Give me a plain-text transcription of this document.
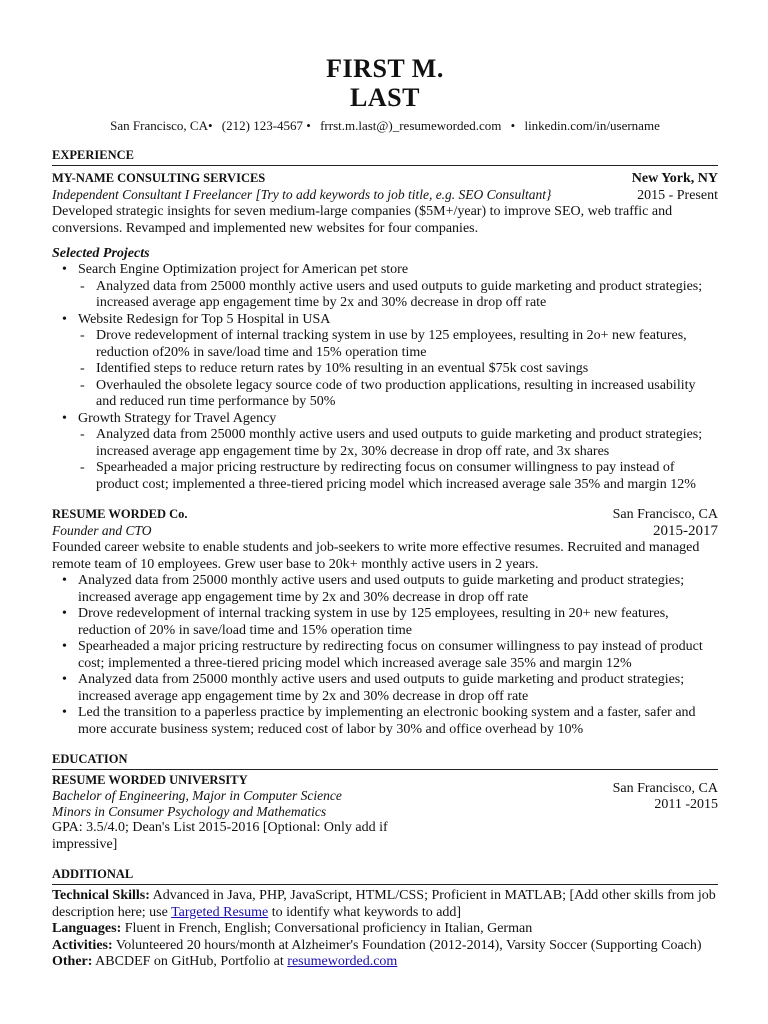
FIRST M.
LAST
San Francisco, CA• (212) 123-4567 • frrst.m.last@)_resumeworded.com • linkedin.com/in/username
EXPERIENCE
MY-NAME CONSULTING SERVICES	New York, NY
Independent Consultant I Freelancer [Try to add keywords to job title, e.g. SEO Consultant}	2015 - Present
Developed strategic insights for seven medium-large companies ($5M+/year) to improve SEO, web traffic and conversions. Revamped and implemented new websites for four companies.
Selected Projects
• Search Engine Optimization project for American pet store
- Analyzed data from 25000 monthly active users and used outputs to guide marketing and product strategies; increased average app engagement time by 2x and 30% decrease in drop off rate
• Website Redesign for Top 5 Hospital in USA
- Drove redevelopment of internal tracking system in use by 125 employees, resulting in 2o+ new features, reduction of20% in save/load time and 15% operation time
- Identified steps to reduce return rates by 10% resulting in an eventual $75k cost savings
- Overhauled the obsolete legacy source code of two production applications, resulting in increased usability and reduced run time performance by 50%
• Growth Strategy for Travel Agency
- Analyzed data from 25000 monthly active users and used outputs to guide marketing and product strategies; increased average app engagement time by 2x, 30% decrease in drop off rate, and 3x shares
- Spearheaded a major pricing restructure by redirecting focus on consumer willingness to pay instead of product cost; implemented a three-tiered pricing model which increased average sale 35% and margin 12%
RESUME WORDED Co.	San Francisco, CA
Founder and CTO	2015-2017
Founded career website to enable students and job-seekers to write more effective resumes. Recruited and managed remote team of 10 employees. Grew user base to 20k+ monthly active users in 2 years.
• Analyzed data from 25000 monthly active users and used outputs to guide marketing and product strategies; increased average app engagement time by 2x and 30% decrease in drop off rate
• Drove redevelopment of internal tracking system in use by 125 employees, resulting in 20+ new features, reduction of 20% in save/load time and 15% operation time
• Spearheaded a major pricing restructure by redirecting focus on consumer willingness to pay instead of product cost; implemented a three-tiered pricing model which increased average sale 35% and margin 12%
• Analyzed data from 25000 monthly active users and used outputs to guide marketing and product strategies; increased average app engagement time by 2x and 30% decrease in drop off rate
• Led the transition to a paperless practice by implementing an electronic booking system and a faster, safer and more accurate business system; reduced cost of labor by 30% and office overhead by 10%
EDUCATION
RESUME WORDED UNIVERSITY
Bachelor of Engineering, Major in Computer Science
Minors in Consumer Psychology and Mathematics
GPA: 3.5/4.0; Dean's List 2015-2016 [Optional: Only add if impressive]
San Francisco, CA
2011 -2015
ADDITIONAL
Technical Skills: Advanced in Java, PHP, JavaScript, HTML/CSS; Proficient in MATLAB; [Add other skills from job description here; use Targeted Resume to identify what keywords to add]
Languages: Fluent in French, English; Conversational proficiency in Italian, German
Activities: Volunteered 20 hours/month at Alzheimer's Foundation (2012-2014), Varsity Soccer (Supporting Coach)
Other: ABCDEF on GitHub, Portfolio at resumeworded.com
